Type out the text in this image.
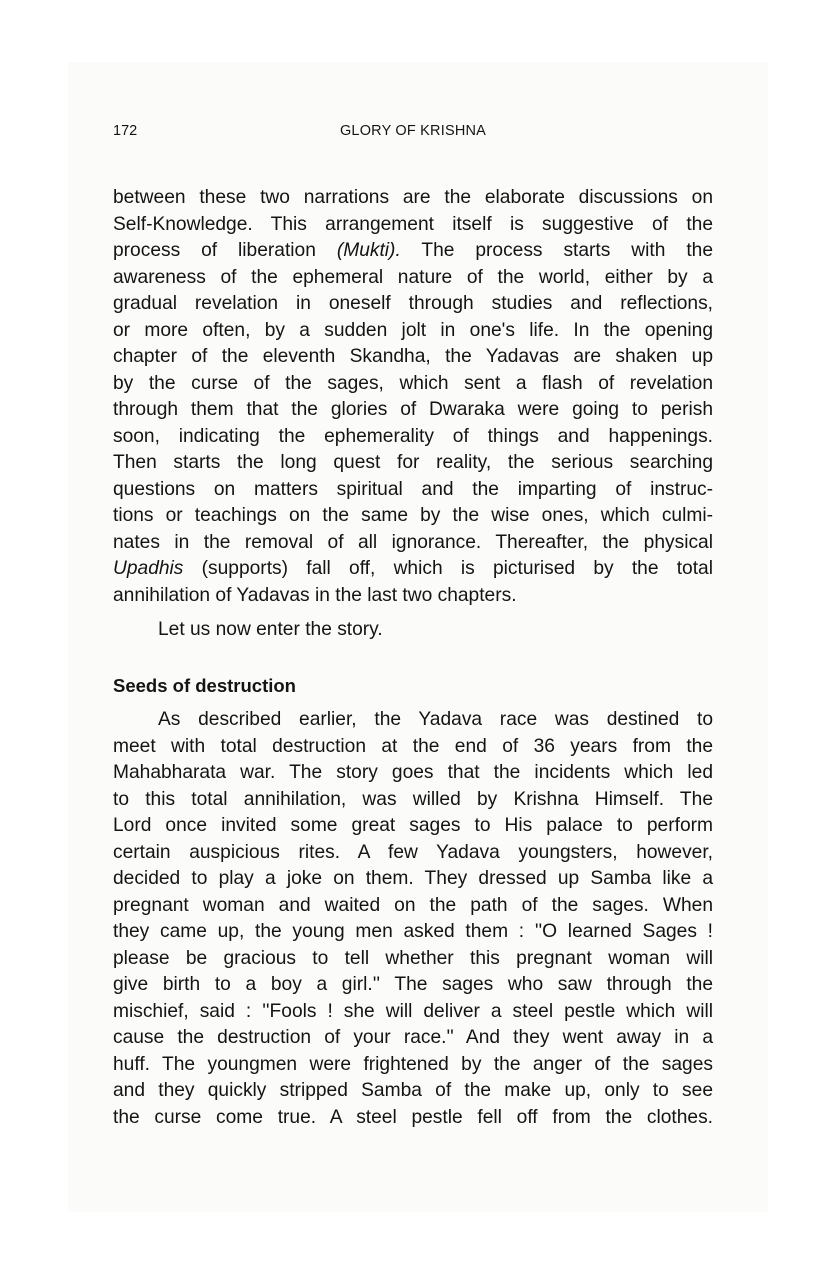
172	GLORY OF KRISHNA
between these two narrations are the elaborate discussions on
Self-Knowledge. This arrangement itself is suggestive of the
process of liberation (Mukti). The process starts with the
awareness of the ephemeral nature of the world, either by a
gradual revelation in oneself through studies and reflections,
or more often, by a sudden jolt in one's life. In the opening
chapter of the eleventh Skandha, the Yadavas are shaken up
by the curse of the sages, which sent a flash of revelation
through them that the glories of Dwaraka were going to perish
soon, indicating the ephemerality of things and happenings.
Then starts the long quest for reality, the serious searching
questions on matters spiritual and the imparting of instruc-
tions or teachings on the same by the wise ones, which culmi-
nates in the removal of all ignorance. Thereafter, the physical
Upadhis (supports) fall off, which is picturised by the total
annihilation of Yadavas in the last two chapters.
Let us now enter the story.
Seeds of destruction
As described earlier, the Yadava race was destined to
meet with total destruction at the end of 36 years from the
Mahabharata war. The story goes that the incidents which led
to this total annihilation, was willed by Krishna Himself. The
Lord once invited some great sages to His palace to perform
certain auspicious rites. A few Yadava youngsters, however,
decided to play a joke on them. They dressed up Samba like a
pregnant woman and waited on the path of the sages. When
they came up, the young men asked them : ''O learned Sages !
please be gracious to tell whether this pregnant woman will
give birth to a boy a girl.'' The sages who saw through the
mischief, said : ''Fools ! she will deliver a steel pestle which will
cause the destruction of your race.'' And they went away in a
huff. The youngmen were frightened by the anger of the sages
and they quickly stripped Samba of the make up, only to see
the curse come true. A steel pestle fell off from the clothes.
